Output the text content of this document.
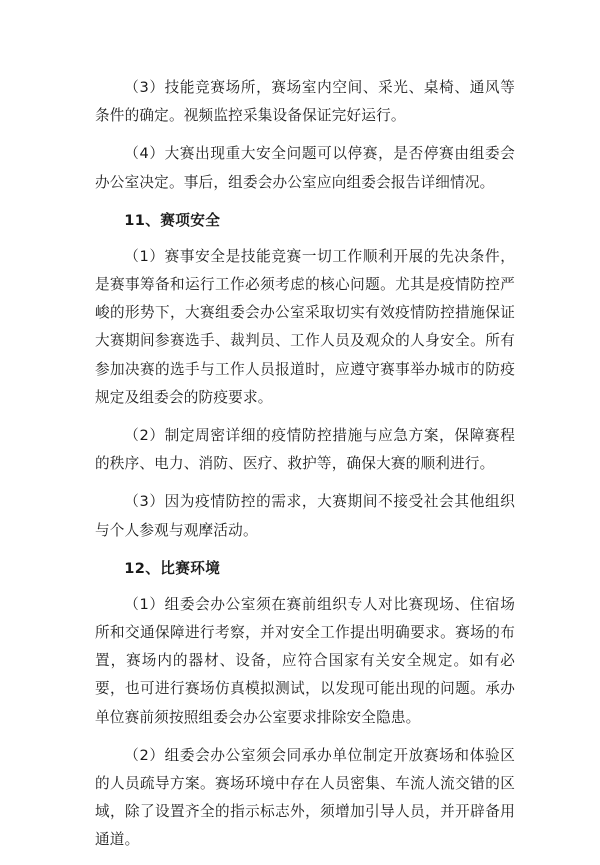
（3）技能竞赛场所，赛场室内空间、采光、桌椅、通风等条件的确定。视频监控采集设备保证完好运行。

（4）大赛出现重大安全问题可以停赛，是否停赛由组委会办公室决定。事后，组委会办公室应向组委会报告详细情况。

11、赛项安全

（1）赛事安全是技能竞赛一切工作顺利开展的先决条件，是赛事筹备和运行工作必须考虑的核心问题。尤其是疫情防控严峻的形势下，大赛组委会办公室采取切实有效疫情防控措施保证大赛期间参赛选手、裁判员、工作人员及观众的人身安全。所有参加决赛的选手与工作人员报道时，应遵守赛事举办城市的防疫规定及组委会的防疫要求。

（2）制定周密详细的疫情防控措施与应急方案，保障赛程的秩序、电力、消防、医疗、救护等，确保大赛的顺利进行。

（3）因为疫情防控的需求，大赛期间不接受社会其他组织与个人参观与观摩活动。

12、比赛环境

（1）组委会办公室须在赛前组织专人对比赛现场、住宿场所和交通保障进行考察，并对安全工作提出明确要求。赛场的布置，赛场内的器材、设备，应符合国家有关安全规定。如有必要，也可进行赛场仿真模拟测试，以发现可能出现的问题。承办单位赛前须按照组委会办公室要求排除安全隐患。

（2）组委会办公室须会同承办单位制定开放赛场和体验区的人员疏导方案。赛场环境中存在人员密集、车流人流交错的区域，除了设置齐全的指示标志外，须增加引导人员，并开辟备用通道。
